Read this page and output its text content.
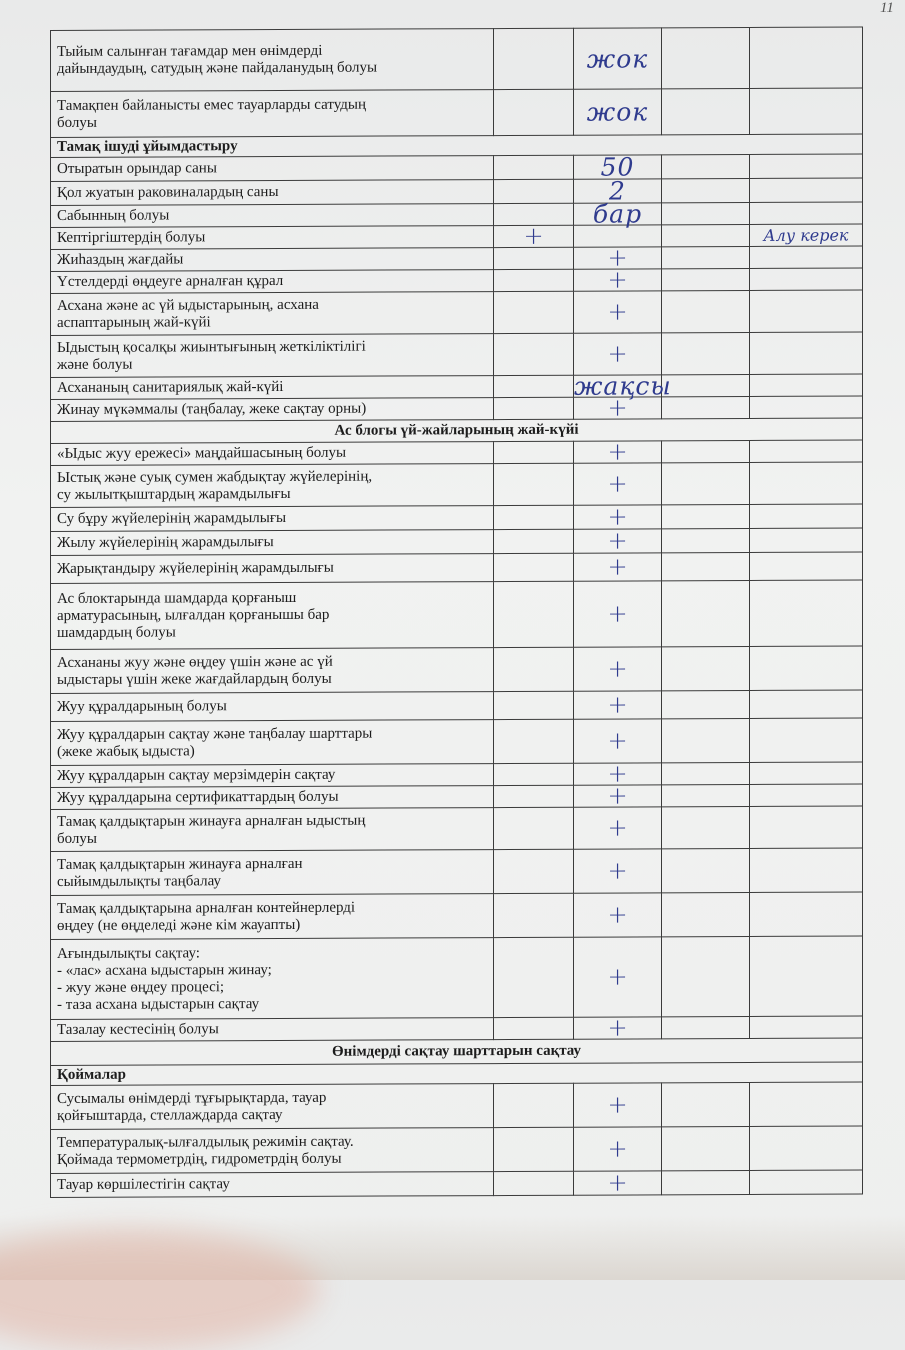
11
Тыйым салынған тағамдар мен өнімдерді
дайындаудың, сатудың және пайдаланудың болуы		жок		
Тамақпен байланысты емес тауарларды сатудың
болуы		жок		
Тамақ ішуді ұйымдастыру				
Отыратын орындар саны		50		
Қол жуатын раковиналардың саны		2		
Сабынның болуы		бар		
Кептіргіштердің болуы	+			Алу керек
Жиһаздың жағдайы		+		
Үстелдерді өңдеуге арналған құрал		+		
Асхана және ас үй ыдыстарының, асхана
аспаптарының жай-күйі		+		
Ыдыстың қосалқы жиынтығының жеткіліктілігі
және болуы		+		
Асхананың санитариялық жай-күйі		жақсы		
Жинау мүкәммалы (таңбалау, жеке сақтау орны)		+		
Ас блогы үй-жайларының жай-күйі				
«Ыдыс жуу ережесі» маңдайшасының болуы		+		
Ыстық және суық сумен жабдықтау жүйелерінің,
су жылытқыштардың жарамдылығы		+		
Су бұру жүйелерінің жарамдылығы		+		
Жылу жүйелерінің жарамдылығы		+		
Жарықтандыру жүйелерінің жарамдылығы		+		
Ас блоктарында шамдарда қорғаныш
арматурасының, ылғалдан қорғанышы бар
шамдардың болуы		+		
Асхананы жуу және өңдеу үшін және ас үй
ыдыстары үшін жеке жағдайлардың болуы		+		
Жуу құралдарының болуы		+		
Жуу құралдарын сақтау және таңбалау шарттары
(жеке жабық ыдыста)		+		
Жуу құралдарын сақтау мерзімдерін сақтау		+		
Жуу құралдарына сертификаттардың болуы		+		
Тамақ қалдықтарын жинауға арналған ыдыстың
болуы		+		
Тамақ қалдықтарын жинауға арналған
сыйымдылықты таңбалау		+		
Тамақ қалдықтарына арналған контейнерлерді
өңдеу (не өңделеді және кім жауапты)		+		
Ағындылықты сақтау:
- «лас» асхана ыдыстарын жинау;
- жуу және өңдеу процесі;
- таза асхана ыдыстарын сақтау		+		
Тазалау кестесінің болуы		+		
Өнімдерді сақтау шарттарын сақтау				
Қоймалар				
Сусымалы өнімдерді тұғырықтарда, тауар
қойғыштарда, стеллаждарда сақтау		+		
Температуралық-ылғалдылық режимін сақтау.
Қоймада термометрдің, гидрометрдің болуы		+		
Тауар көршілестігін сақтау		+		
